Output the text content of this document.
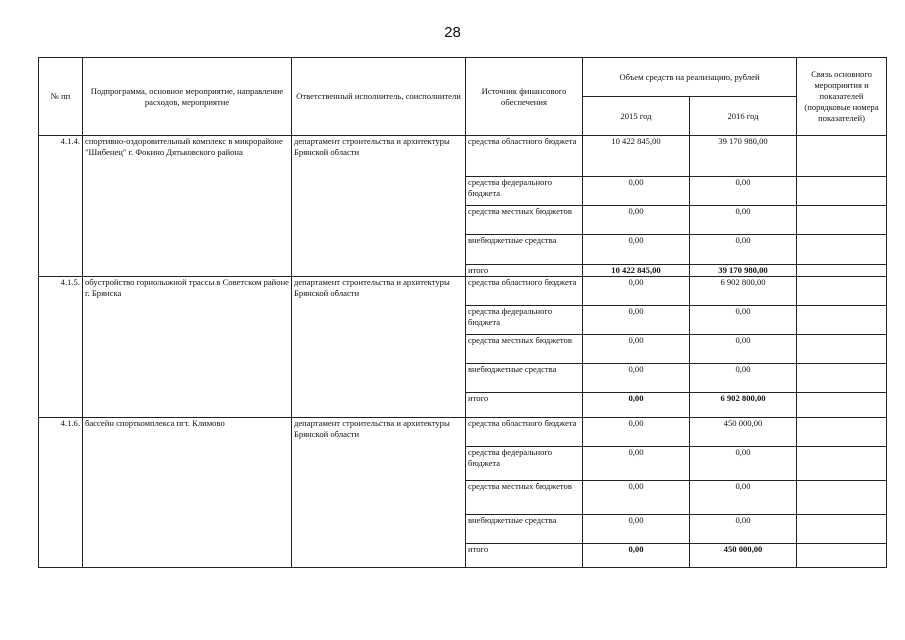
28
№ пп	Подпрограмма, основное мероприятие, направление расходов, мероприятие	Ответственный исполнитель, соисполнители	Источник финансового обеспечения	Объем средств на реализацию, рублей		Связь основного мероприятия и показателей (порядковые номера показателей)
				2015 год	2016 год	
4.1.4.	спортивно-оздоровительный комплекс в микрорайоне "Шибенец" г. Фокино Дятьковского района	департамент строительства и архитектуры Брянской области	средства областного бюджета	10 422 845,00	39 170 980,00	
			средства федерального бюджета	0,00	0,00	
			средства местных бюджетов	0,00	0,00	
			внебюджетные средства	0,00	0,00	
			итого	10 422 845,00	39 170 980,00	
4.1.5.	обустройство горнолыжной трассы в Советском районе г. Брянска	департамент строительства и архитектуры Брянской области	средства областного бюджета	0,00	6 902 800,00	
			средства федерального бюджета	0,00	0,00	
			средства местных бюджетов	0,00	0,00	
			внебюджетные средства	0,00	0,00	
			итого	0,00	6 902 800,00	
4.1.6.	бассейн спорткомплекса пгт. Климово	департамент строительства и архитектуры Брянской области	средства областного бюджета	0,00	450 000,00	
			средства федерального бюджета	0,00	0,00	
			средства местных бюджетов	0,00	0,00	
			внебюджетные средства	0,00	0,00	
			итого	0,00	450 000,00	
